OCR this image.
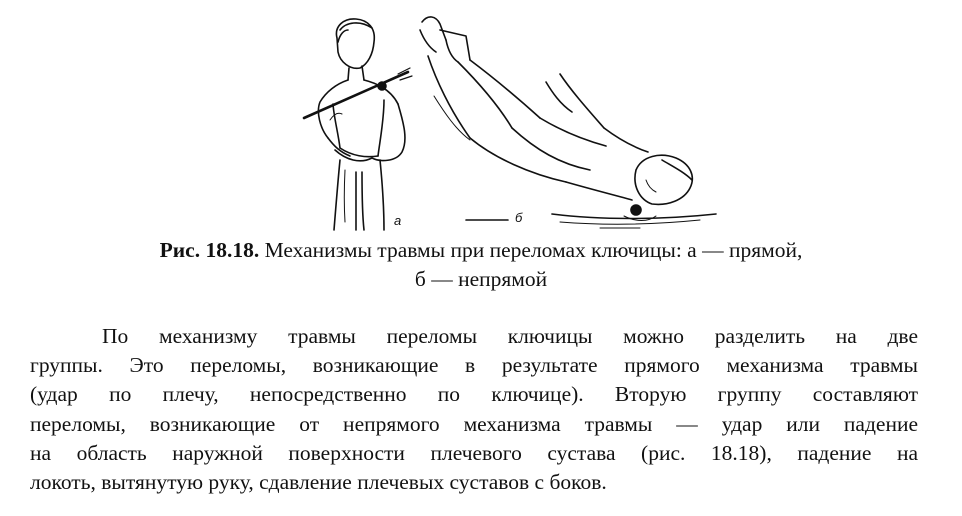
а	б
Рис. 18.18. Механизмы травмы при переломах ключицы: а — прямой,
б — непрямой
По механизму травмы переломы ключицы можно разделить на две
группы. Это переломы, возникающие в результате прямого механизма травмы
(удар по плечу, непосредственно по ключице). Вторую группу составляют
переломы, возникающие от непрямого механизма травмы — удар или падение
на область наружной поверхности плечевого сустава (рис. 18.18), падение на
локоть, вытянутую руку, сдавление плечевых суставов с боков.
